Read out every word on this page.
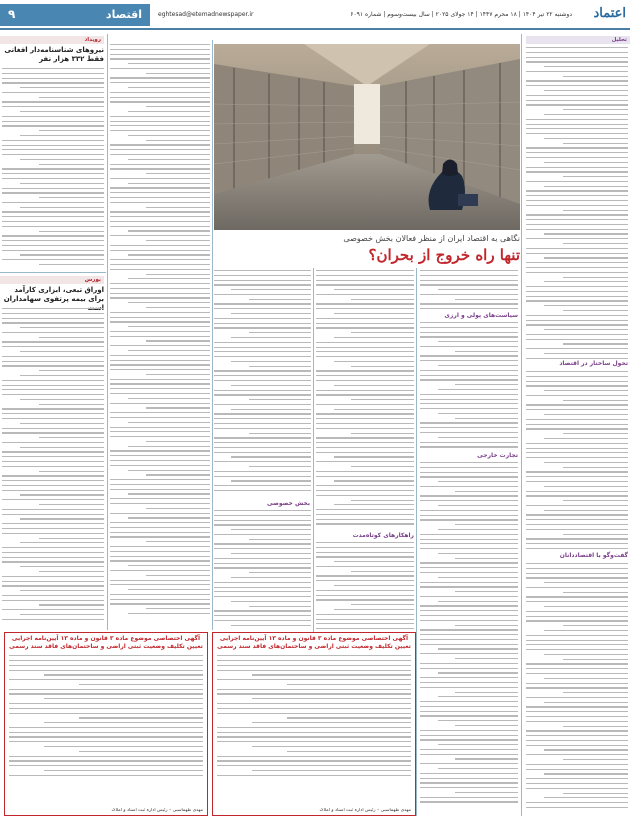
اعتماد
دوشنبه ۲۲ تیر ۱۴۰۴ | ۱۸ محرم ۱۴۴۷ | ۱۴ جولای ۲۰۲۵ | سال بیست‌وسوم | شماره ۶۰۹۱
eghtesad@etemadnewspaper.ir
اقتصاد
۹
تحلیل
تحول ساختار در اقتصاد
گفت‌وگو با اقتصاددانان
نگاهی به اقتصاد ایران از منظر فعالان بخش خصوصی
تنها راه خروج از بحران؟
سیاست‌های پولی و ارزی
تجارت خارجی
راهکارهای کوتاه‌مدت
بخش خصوصی
رویداد
نیروهای شناسنامه‌دار افغانی فقط ۳۳۲ هزار نفر
بورس
اوراق تبعی، ابزاری کارآمد برای بیمه پرتفوی سهامداران
آگهی اختصاصی موضوع ماده ۳ قانون و ماده ۱۳ آیین‌نامه اجرایی تعیین تکلیف وضعیت ثبتی اراضی و ساختمان‌های فاقد سند رسمی
مهدی طهماسبی – رئیس اداره ثبت اسناد و املاک
آگهی اختصاصی موضوع ماده ۳ قانون و ماده ۱۳ آیین‌نامه اجرایی تعیین تکلیف وضعیت ثبتی اراضی و ساختمان‌های فاقد سند رسمی
مهدی طهماسبی – رئیس اداره ثبت اسناد و املاک
